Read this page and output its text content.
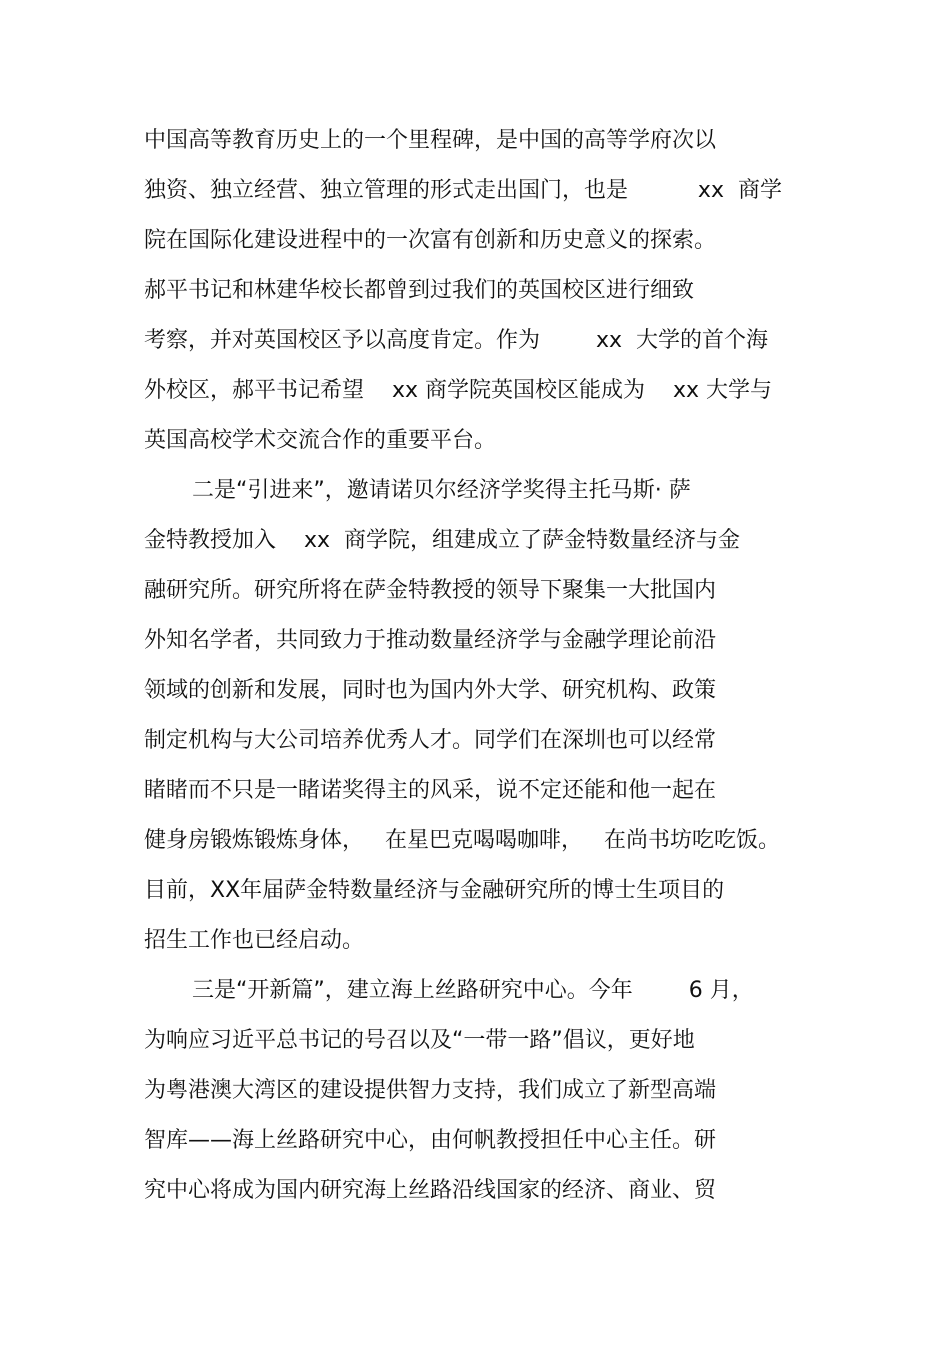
中国高等教育历史上的一个里程碑，是中国的高等学府次以
独资、独立经营、独立管理的形式走出国门，也是          xx  商学
院在国际化建设进程中的一次富有创新和历史意义的探索。
郝平书记和林建华校长都曾到过我们的英国校区进行细致
考察，并对英国校区予以高度肯定。作为        xx  大学的首个海
外校区，郝平书记希望    xx 商学院英国校区能成为    xx 大学与
英国高校学术交流合作的重要平台。
二是“引进来”，邀请诺贝尔经济学奖得主托马斯· 萨
金特教授加入    xx  商学院，组建成立了萨金特数量经济与金
融研究所。研究所将在萨金特教授的领导下聚集一大批国内
外知名学者，共同致力于推动数量经济学与金融学理论前沿
领域的创新和发展，同时也为国内外大学、研究机构、政策
制定机构与大公司培养优秀人才。同学们在深圳也可以经常
睹睹而不只是一睹诺奖得主的风采，说不定还能和他一起在
健身房锻炼锻炼身体，   在星巴克喝喝咖啡，   在尚书坊吃吃饭。
目前，XX年届萨金特数量经济与金融研究所的博士生项目的
招生工作也已经启动。
三是“开新篇”，建立海上丝路研究中心。今年        6 月，
为响应习近平总书记的号召以及“一带一路”倡议，更好地
为粤港澳大湾区的建设提供智力支持，我们成立了新型高端
智库——海上丝路研究中心，由何帆教授担任中心主任。研
究中心将成为国内研究海上丝路沿线国家的经济、商业、贸
